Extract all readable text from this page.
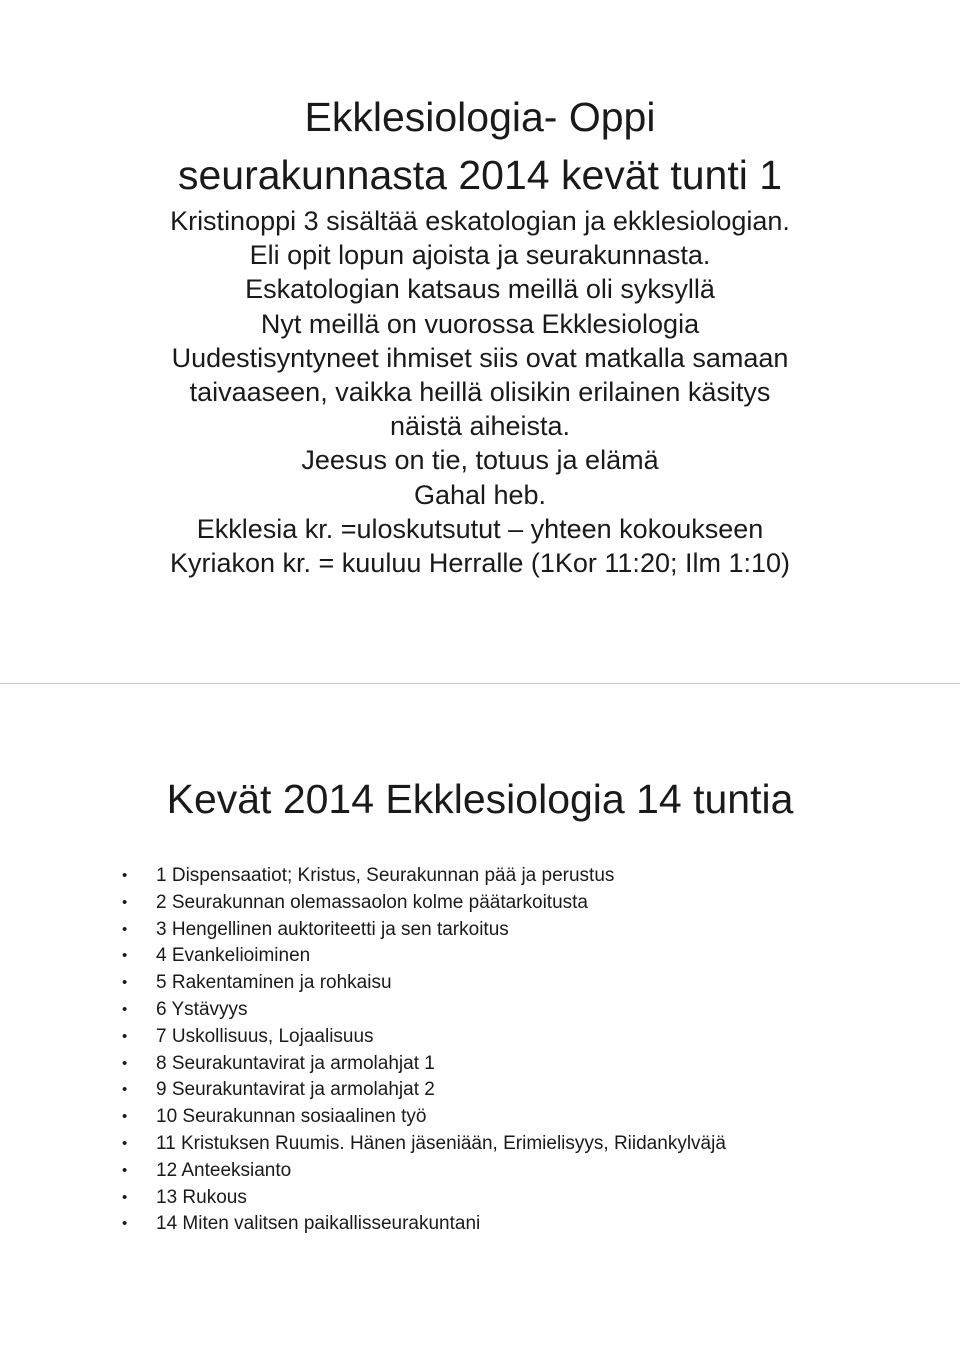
Ekklesiologia- Oppi
seurakunnasta 2014 kevät tunti 1
Kristinoppi 3 sisältää eskatologian ja ekklesiologian.
Eli opit lopun ajoista ja seurakunnasta.
Eskatologian katsaus meillä oli syksyllä
Nyt meillä on vuorossa Ekklesiologia
Uudestisyntyneet ihmiset siis ovat matkalla samaan
taivaaseen, vaikka heillä olisikin erilainen käsitys
näistä aiheista.
Jeesus on tie, totuus ja elämä
Gahal heb.
Ekklesia kr. =uloskutsutut – yhteen kokoukseen
Kyriakon kr. = kuuluu Herralle (1Kor 11:20; Ilm 1:10)
Kevät 2014 Ekklesiologia 14 tuntia
•	1 Dispensaatiot; Kristus, Seurakunnan pää ja perustus
•	2 Seurakunnan olemassaolon kolme päätarkoitusta
•	3 Hengellinen auktoriteetti ja sen tarkoitus
•	4 Evankelioiminen
•	5 Rakentaminen ja rohkaisu
•	6 Ystävyys
•	7 Uskollisuus, Lojaalisuus
•	8 Seurakuntavirat ja armolahjat 1
•	9 Seurakuntavirat ja armolahjat 2
•	10 Seurakunnan sosiaalinen työ
•	11 Kristuksen Ruumis. Hänen jäseniään, Erimielisyys, Riidankylväjä
•	12 Anteeksianto
•	13 Rukous
•	14 Miten valitsen paikallisseurakuntani
